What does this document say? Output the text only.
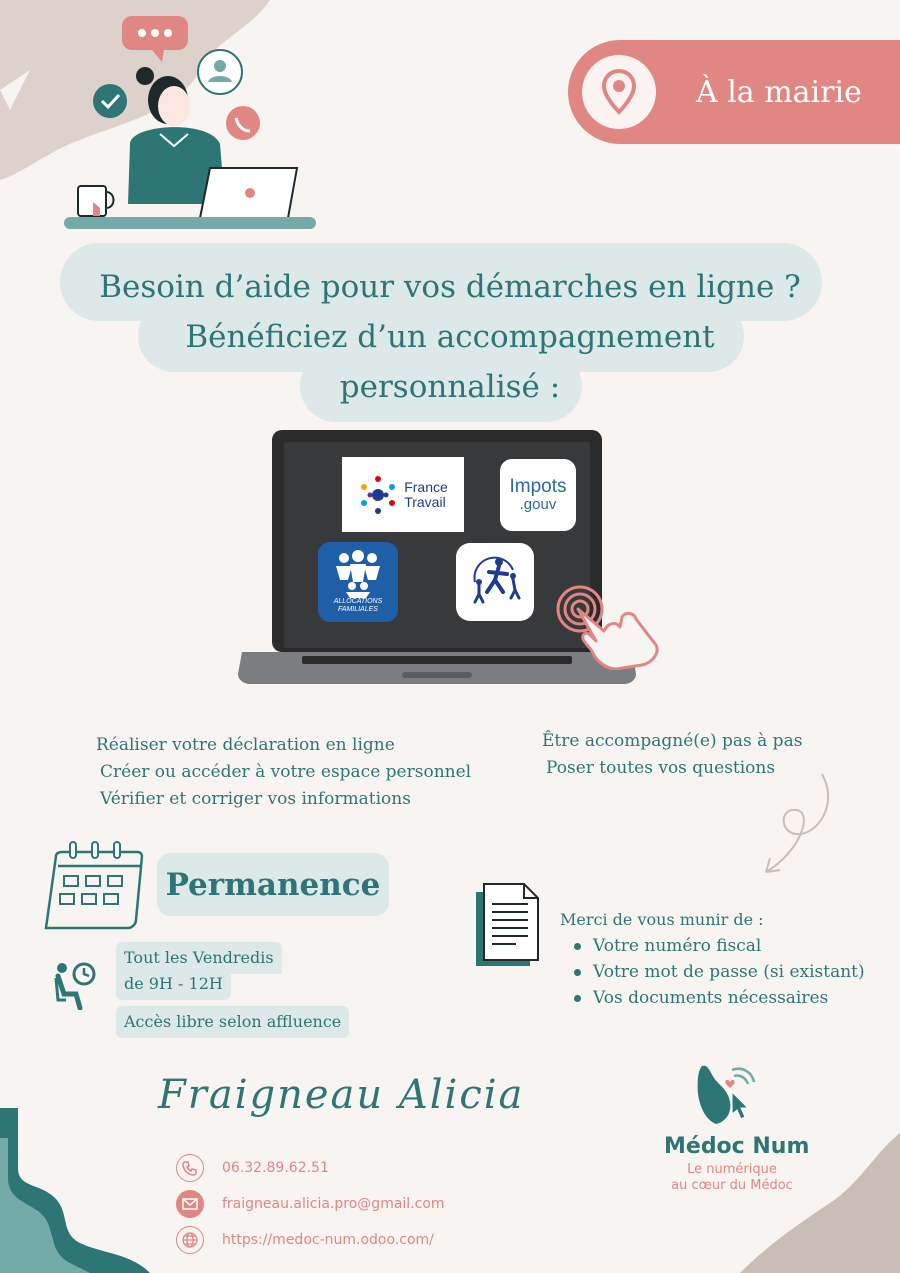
À la mairie
Besoin d’aide pour vos démarches en ligne ?
Bénéficiez d’un accompagnement
personnalisé :
France
Travail
Impots
.gouv
ALLOCATIONS
FAMILIALES
Réaliser votre déclaration en ligne
Créer ou accéder à votre espace personnel
Vérifier et corriger vos informations
Être accompagné(e) pas à pas
Poser toutes vos questions
Permanence
Tout les Vendredis
de 9H - 12H
Accès libre selon affluence
Merci de vous munir de :
Votre numéro fiscal
Votre mot de passe (si existant)
Vos documents nécessaires
Fraigneau Alicia
06.32.89.62.51
fraigneau.alicia.pro@gmail.com
https://medoc-num.odoo.com/
Médoc Num
Le numérique
au cœur du Médoc
